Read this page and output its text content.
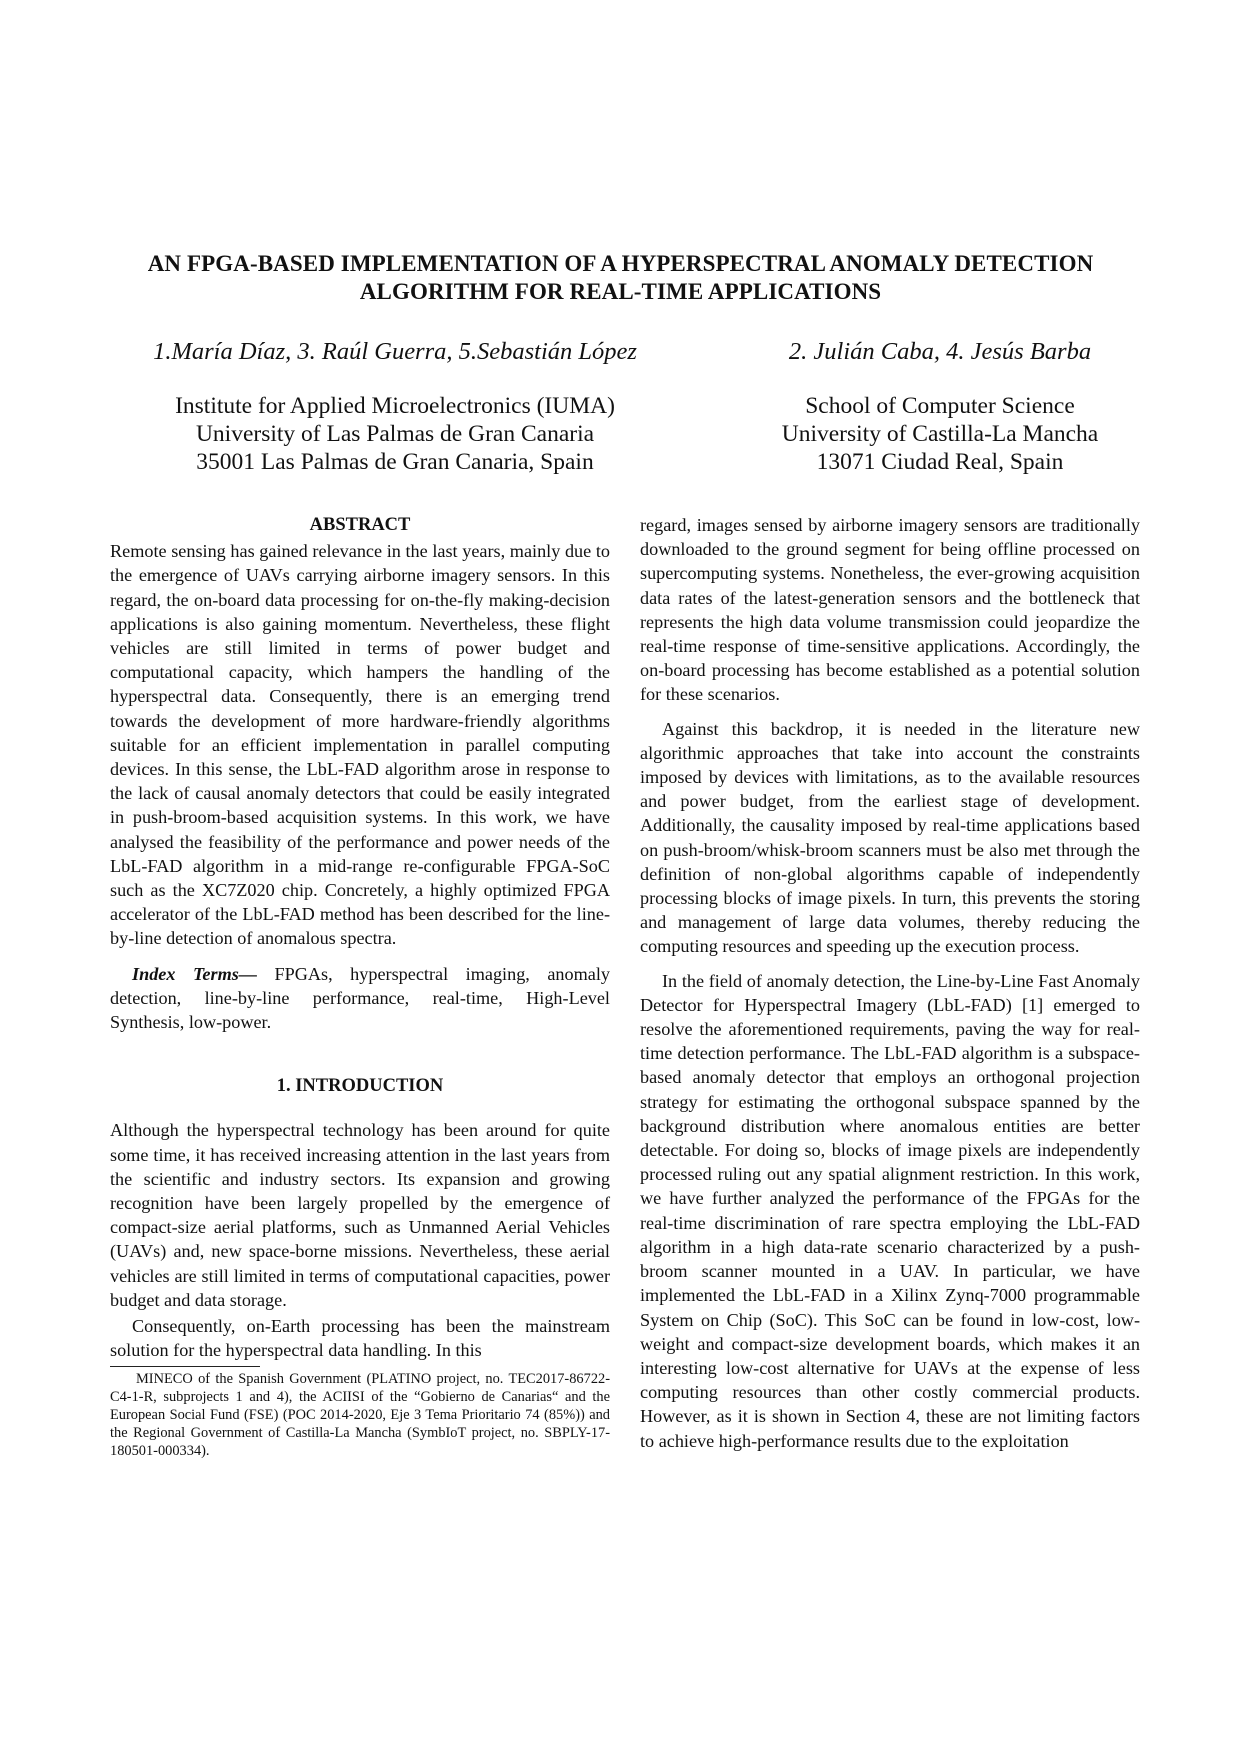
AN FPGA-BASED IMPLEMENTATION OF A HYPERSPECTRAL ANOMALY DETECTION
ALGORITHM FOR REAL-TIME APPLICATIONS
1.María Díaz, 3. Raúl Guerra, 5.Sebastián López	2. Julián Caba, 4. Jesús Barba
Institute for Applied Microelectronics (IUMA)
University of Las Palmas de Gran Canaria
35001 Las Palmas de Gran Canaria, Spain
School of Computer Science
University of Castilla-La Mancha
13071 Ciudad Real, Spain
ABSTRACT

Remote sensing has gained relevance in the last years, mainly due to the emergence of UAVs carrying airborne imagery sensors. In this regard, the on-board data processing for on-the-fly making-decision applications is also gaining momentum. Nevertheless, these flight vehicles are still limited in terms of power budget and computational capacity, which hampers the handling of the hyperspectral data. Consequently, there is an emerging trend towards the development of more hardware-friendly algorithms suitable for an efficient implementation in parallel computing devices. In this sense, the LbL-FAD algorithm arose in response to the lack of causal anomaly detectors that could be easily integrated in push-broom-based acquisition systems. In this work, we have analysed the feasibility of the performance and power needs of the LbL-FAD algorithm in a mid-range re-configurable FPGA-SoC such as the XC7Z020 chip. Concretely, a highly optimized FPGA accelerator of the LbL-FAD method has been described for the line-by-line detection of anomalous spectra.

Index Terms— FPGAs, hyperspectral imaging, anomaly detection, line-by-line performance, real-time, High-Level Synthesis, low-power.

1. INTRODUCTION

Although the hyperspectral technology has been around for quite some time, it has received increasing attention in the last years from the scientific and industry sectors. Its expansion and growing recognition have been largely propelled by the emergence of compact-size aerial platforms, such as Unmanned Aerial Vehicles (UAVs) and, new space-borne missions. Nevertheless, these aerial vehicles are still limited in terms of computational capacities, power budget and data storage.

Consequently, on-Earth processing has been the mainstream solution for the hyperspectral data handling. In this

MINECO of the Spanish Government (PLATINO project, no. TEC2017-86722-C4-1-R, subprojects 1 and 4), the ACIISI of the “Gobierno de Canarias“ and the European Social Fund (FSE) (POC 2014-2020, Eje 3 Tema Prioritario 74 (85%)) and the Regional Government of Castilla-La Mancha (SymbIoT project, no. SBPLY-17-180501-000334).

regard, images sensed by airborne imagery sensors are traditionally downloaded to the ground segment for being offline processed on supercomputing systems. Nonetheless, the ever-growing acquisition data rates of the latest-generation sensors and the bottleneck that represents the high data volume transmission could jeopardize the real-time response of time-sensitive applications. Accordingly, the on-board processing has become established as a potential solution for these scenarios.

Against this backdrop, it is needed in the literature new algorithmic approaches that take into account the constraints imposed by devices with limitations, as to the available resources and power budget, from the earliest stage of development. Additionally, the causality imposed by real-time applications based on push-broom/whisk-broom scanners must be also met through the definition of non-global algorithms capable of independently processing blocks of image pixels. In turn, this prevents the storing and management of large data volumes, thereby reducing the computing resources and speeding up the execution process.

In the field of anomaly detection, the Line-by-Line Fast Anomaly Detector for Hyperspectral Imagery (LbL-FAD) [1] emerged to resolve the aforementioned requirements, paving the way for real-time detection performance. The LbL-FAD algorithm is a subspace-based anomaly detector that employs an orthogonal projection strategy for estimating the orthogonal subspace spanned by the background distribution where anomalous entities are better detectable. For doing so, blocks of image pixels are independently processed ruling out any spatial alignment restriction. In this work, we have further analyzed the performance of the FPGAs for the real-time discrimination of rare spectra employing the LbL-FAD algorithm in a high data-rate scenario characterized by a push-broom scanner mounted in a UAV. In particular, we have implemented the LbL-FAD in a Xilinx Zynq-7000 programmable System on Chip (SoC). This SoC can be found in low-cost, low-weight and compact-size development boards, which makes it an interesting low-cost alternative for UAVs at the expense of less computing resources than other costly commercial products. However, as it is shown in Section 4, these are not limiting factors to achieve high-performance results due to the exploitation
